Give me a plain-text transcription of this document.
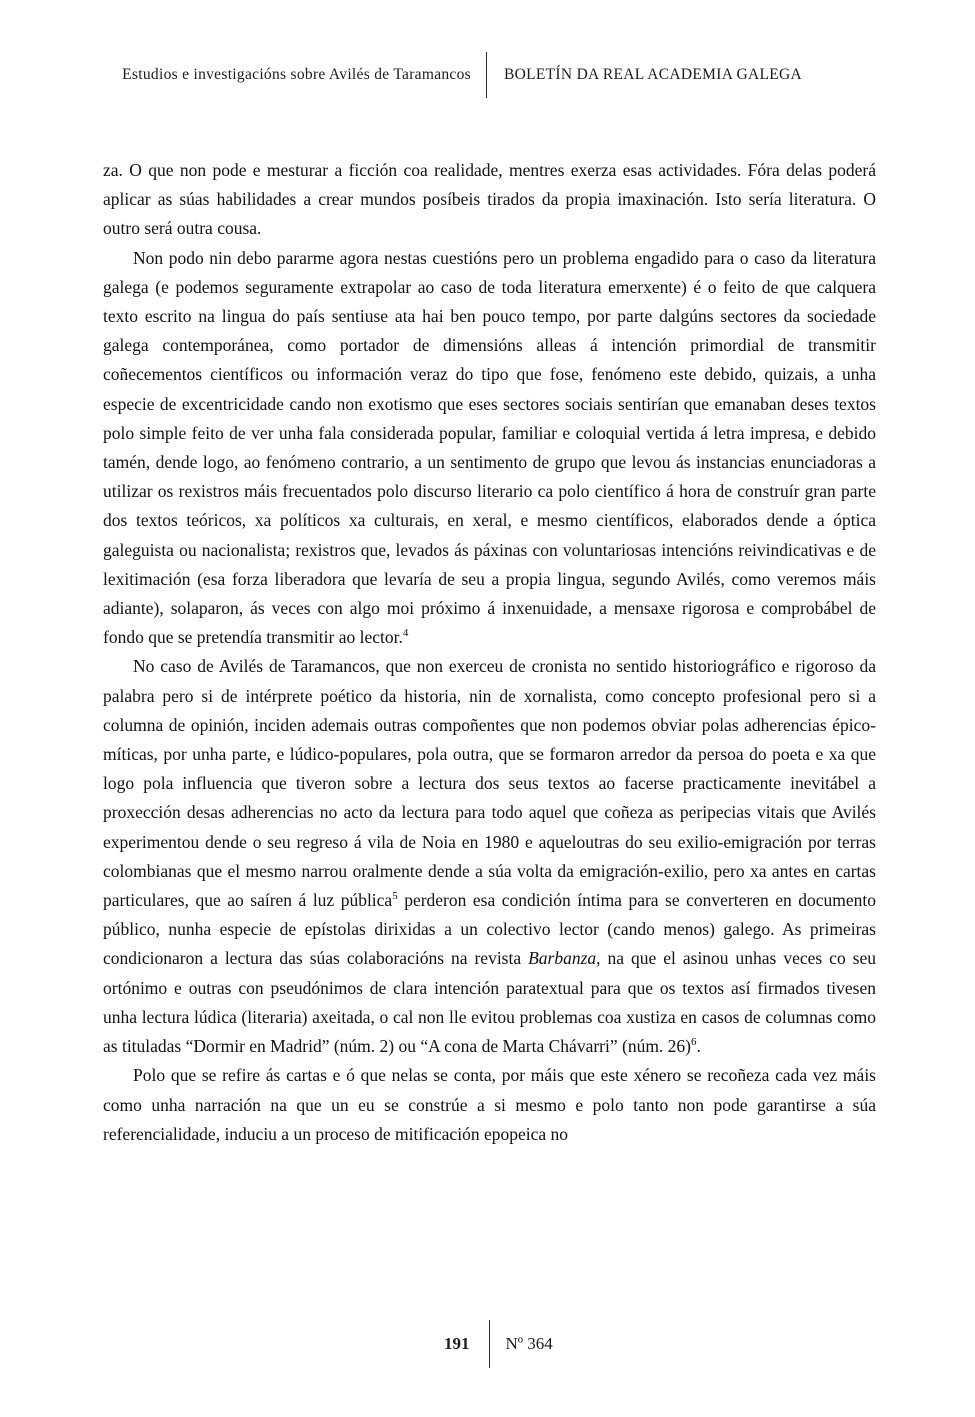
Estudios e investigacións sobre Avilés de Taramancos	BOLETÍN DA REAL ACADEMIA GALEGA

za. O que non pode e mesturar a ficción coa realidade, mentres exerza esas actividades. Fóra delas poderá aplicar as súas habilidades a crear mundos posíbeis tirados da propia imaxinación. Isto sería literatura. O outro será outra cousa.

Non podo nin debo pararme agora nestas cuestións pero un problema engadido para o caso da literatura galega (e podemos seguramente extrapolar ao caso de toda literatura emerxente) é o feito de que calquera texto escrito na lingua do país sentiuse ata hai ben pouco tempo, por parte dalgúns sectores da sociedade galega contemporánea, como portador de dimensións alleas á intención primordial de transmitir coñecementos científicos ou información veraz do tipo que fose, fenómeno este debido, quizais, a unha especie de excentricidade cando non exotismo que eses sectores sociais sentirían que emanaban deses textos polo simple feito de ver unha fala considerada popular, familiar e coloquial vertida á letra impresa, e debido tamén, dende logo, ao fenómeno contrario, a un sentimento de grupo que levou ás instancias enunciadoras a utilizar os rexistros máis frecuentados polo discurso literario ca polo científico á hora de construír gran parte dos textos teóricos, xa políticos xa culturais, en xeral, e mesmo científicos, elaborados dende a óptica galeguista ou nacionalista; rexistros que, levados ás páxinas con voluntariosas intencións reivindicativas e de lexitimación (esa forza liberadora que levaría de seu a propia lingua, segundo Avilés, como veremos máis adiante), solaparon, ás veces con algo moi próximo á inxenuidade, a mensaxe rigorosa e comprobábel de fondo que se pretendía transmitir ao lector.$^4$

No caso de Avilés de Taramancos, que non exerceu de cronista no sentido historiográfico e rigoroso da palabra pero si de intérprete poético da historia, nin de xornalista, como concepto profesional pero si a columna de opinión, inciden ademais outras compoñentes que non podemos obviar polas adherencias épico-míticas, por unha parte, e lúdico-populares, pola outra, que se formaron arredor da persoa do poeta e xa que logo pola influencia que tiveron sobre a lectura dos seus textos ao facerse practicamente inevitábel a proxección desas adherencias no acto da lectura para todo aquel que coñeza as peripecias vitais que Avilés experimentou dende o seu regreso á vila de Noia en 1980 e aqueloutras do seu exilio-emigración por terras colombianas que el mesmo narrou oralmente dende a súa volta da emigración-exilio, pero xa antes en cartas particulares, que ao saíren á luz pública$^5$ perderon esa condición íntima para se converteren en documento público, nunha especie de epístolas dirixidas a un colectivo lector (cando menos) galego. As primeiras condicionaron a lectura das súas colaboracións na revista Barbanza, na que el asinou unhas veces co seu ortónimo e outras con pseudónimos de clara intención paratextual para que os textos así firmados tivesen unha lectura lúdica (literaria) axeitada, o cal non lle evitou problemas coa xustiza en casos de columnas como as tituladas “Dormir en Madrid” (núm. 2) ou “A cona de Marta Chávarri” (núm. 26)$^6$.

Polo que se refire ás cartas e ó que nelas se conta, por máis que este xénero se recoñeza cada vez máis como unha narración na que un eu se constrúe a si mesmo e polo tanto non pode garantirse a súa referencialidade, induciu a un proceso de mitificación epopeica no

191	Nº 364
